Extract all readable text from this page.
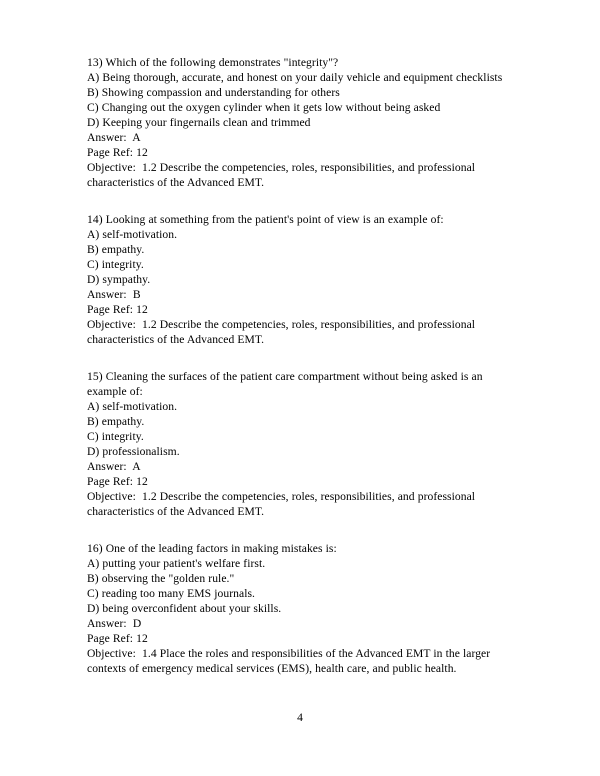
13) Which of the following demonstrates "integrity"?
A) Being thorough, accurate, and honest on your daily vehicle and equipment checklists
B) Showing compassion and understanding for others
C) Changing out the oxygen cylinder when it gets low without being asked
D) Keeping your fingernails clean and trimmed
Answer:  A
Page Ref: 12
Objective:  1.2 Describe the competencies, roles, responsibilities, and professional characteristics of the Advanced EMT.
14) Looking at something from the patient's point of view is an example of:
A) self-motivation.
B) empathy.
C) integrity.
D) sympathy.
Answer:  B
Page Ref: 12
Objective:  1.2 Describe the competencies, roles, responsibilities, and professional characteristics of the Advanced EMT.
15) Cleaning the surfaces of the patient care compartment without being asked is an example of:
A) self-motivation.
B) empathy.
C) integrity.
D) professionalism.
Answer:  A
Page Ref: 12
Objective:  1.2 Describe the competencies, roles, responsibilities, and professional characteristics of the Advanced EMT.
16) One of the leading factors in making mistakes is:
A) putting your patient's welfare first.
B) observing the "golden rule."
C) reading too many EMS journals.
D) being overconfident about your skills.
Answer:  D
Page Ref: 12
Objective:  1.4 Place the roles and responsibilities of the Advanced EMT in the larger contexts of emergency medical services (EMS), health care, and public health.
4
